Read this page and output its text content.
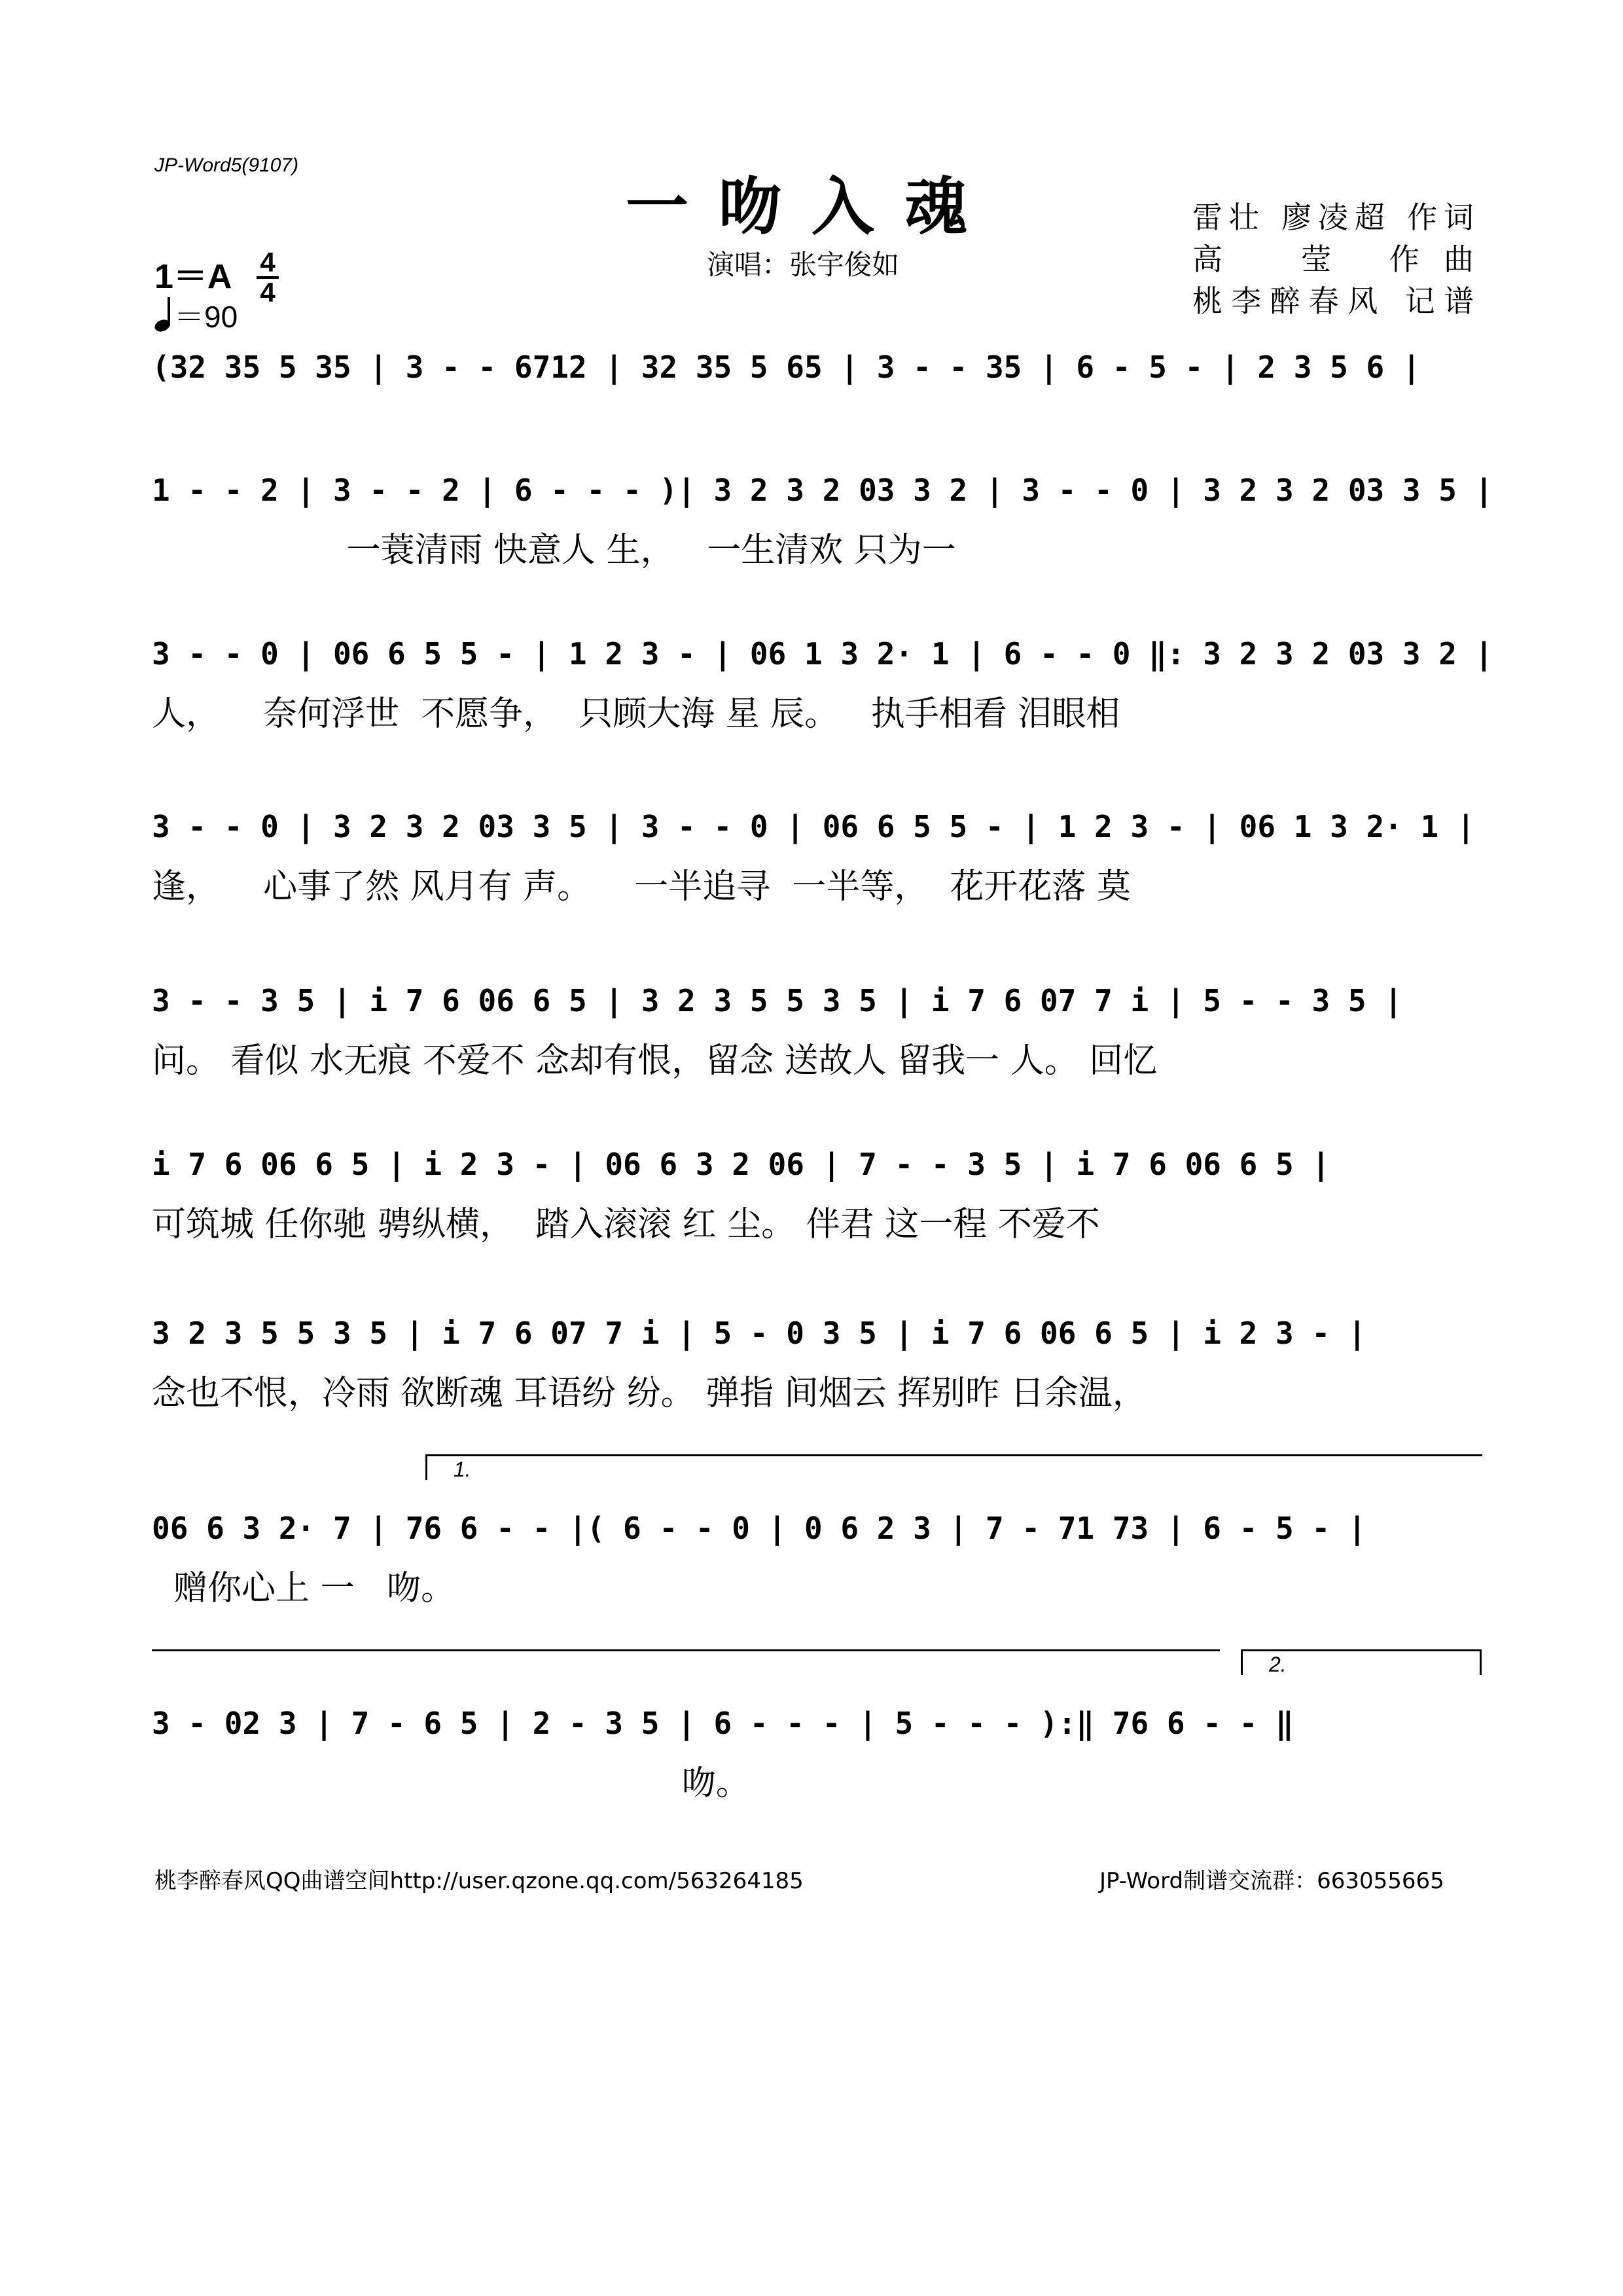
JP-Word5(9107)
一吻入魂
演唱：张宇俊如
雷壮 廖凌超 作词
高　莹 作曲
桃李醉春风 记谱
1＝A 4
4
＝90
(32 35 5 35 | 3 - - 6712 | 32 35 5 65 | 3 - - 35 | 6 - 5 - | 2 3 5 6 |
1 - - 2 | 3 - - 2 | 6 - - - )| 3 2 3 2 03 3 2 | 3 - - 0 | 3 2 3 2 03 3 5 |
一蓑清雨 快意人 生，   一生清欢 只为一
3 - - 0 | 06 6 5 5 - | 1 2 3 - | 06 1 3 2· 1 | 6 - - 0 ‖: 3 2 3 2 03 3 2 |
人，    奈何浮世  不愿争，  只顾大海 星 辰。   执手相看 泪眼相
3 - - 0 | 3 2 3 2 03 3 5 | 3 - - 0 | 06 6 5 5 - | 1 2 3 - | 06 1 3 2· 1 |
逢，    心事了然 风月有 声。    一半追寻  一半等，  花开花落 莫
3 - - 3 5 | i 7 6 06 6 5 | 3 2 3 5 5 3 5 | i 7 6 07 7 i | 5 - - 3 5 |
问。 看似 水无痕 不爱不 念却有恨，留念 送故人 留我一 人。 回忆
i 7 6 06 6 5 | i 2 3 - | 06 6 3 2 06 | 7 - - 3 5 | i 7 6 06 6 5 |
可筑城 任你驰 骋纵横，  踏入滚滚 红 尘。 伴君 这一程 不爱不
3 2 3 5 5 3 5 | i 7 6 07 7 i | 5 - 0 3 5 | i 7 6 06 6 5 | i 2 3 - |
念也不恨，冷雨 欲断魂 耳语纷 纷。 弹指 间烟云 挥别昨 日余温，
1.
06 6 3 2· 7 | 76 6 - - |( 6 - - 0 | 0 6 2 3 | 7 - 71 73 | 6 - 5 - |
赠你心上 一   吻。
2.
3 - 02 3 | 7 - 6 5 | 2 - 3 5 | 6 - - - | 5 - - - ):‖ 76 6 - - ‖
吻。
桃李醉春风QQ曲谱空间http://user.qzone.qq.com/563264185	JP-Word制谱交流群：663055665
